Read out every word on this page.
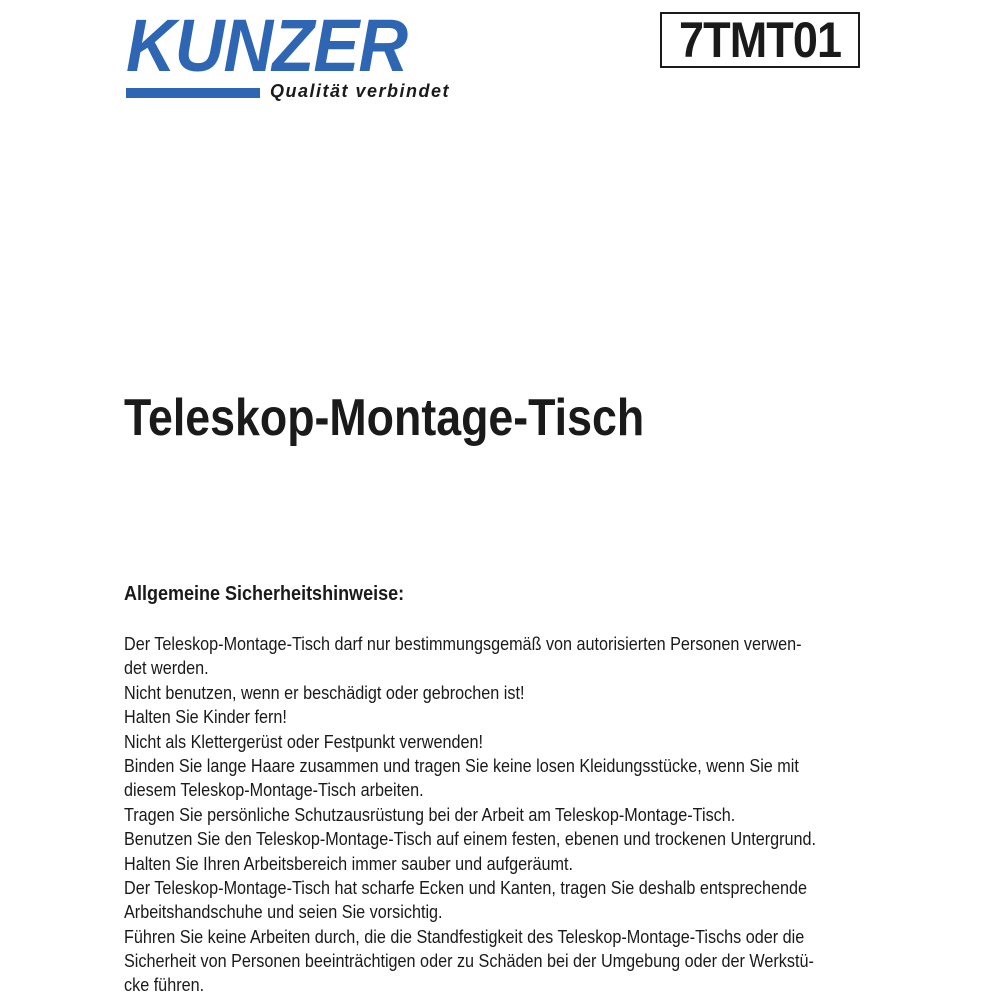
KUNZER
Qualität verbindet
7TMT01
Teleskop-Montage-Tisch
Allgemeine Sicherheitshinweise:
Der Teleskop-Montage-Tisch darf nur bestimmungsgemäß von autorisierten Personen verwen-
det werden.
Nicht benutzen, wenn er beschädigt oder gebrochen ist!
Halten Sie Kinder fern!
Nicht als Klettergerüst oder Festpunkt verwenden!
Binden Sie lange Haare zusammen und tragen Sie keine losen Kleidungsstücke, wenn Sie mit
diesem Teleskop-Montage-Tisch arbeiten.
Tragen Sie persönliche Schutzausrüstung bei der Arbeit am Teleskop-Montage-Tisch.
Benutzen Sie den Teleskop-Montage-Tisch auf einem festen, ebenen und trockenen Untergrund.
Halten Sie Ihren Arbeitsbereich immer sauber und aufgeräumt.
Der Teleskop-Montage-Tisch hat scharfe Ecken und Kanten, tragen Sie deshalb entsprechende
Arbeitshandschuhe und seien Sie vorsichtig.
Führen Sie keine Arbeiten durch, die die Standfestigkeit des Teleskop-Montage-Tischs oder die
Sicherheit von Personen beeinträchtigen oder zu Schäden bei der Umgebung oder der Werkstü-
cke führen.
